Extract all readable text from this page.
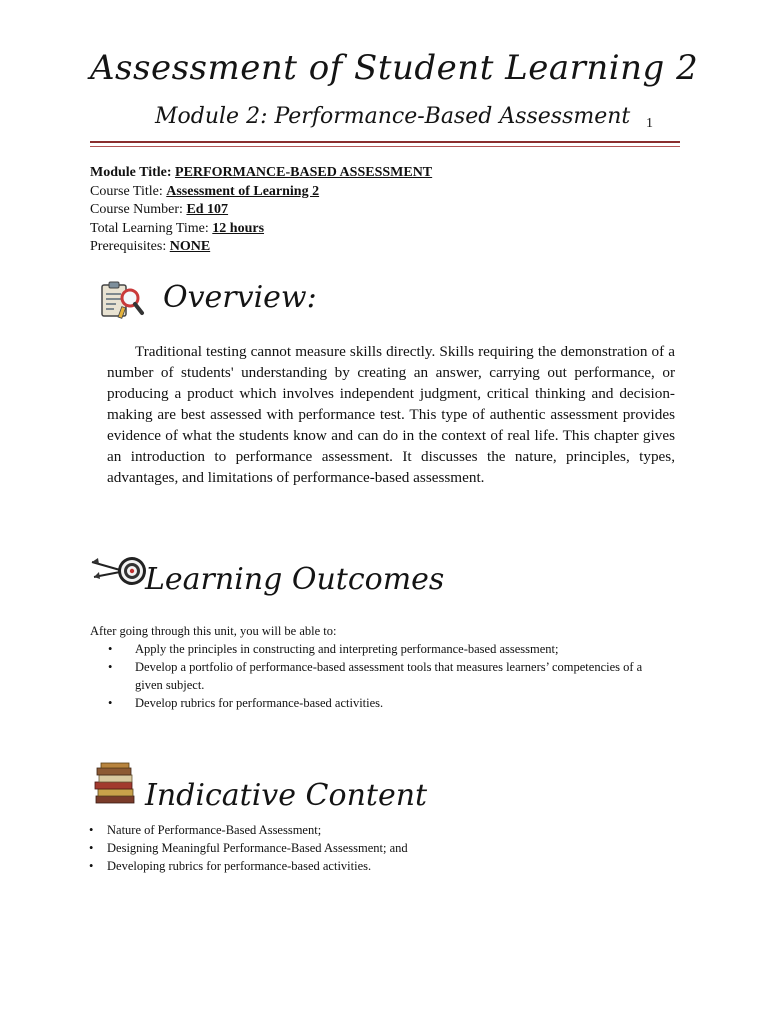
Assessment of Student Learning 2
Module 2: Performance-Based Assessment 1
Module Title: PERFORMANCE-BASED ASSESSMENT
Course Title: Assessment of Learning 2
Course Number: Ed 107
Total Learning Time: 12 hours
Prerequisites: NONE
Overview:

Traditional testing cannot measure skills directly. Skills requiring the demonstration of a number of students' understanding by creating an answer, carrying out performance, or producing a product which involves independent judgment, critical thinking and decision-making are best assessed with performance test. This type of authentic assessment provides evidence of what the students know and can do in the context of real life. This chapter gives an introduction to performance assessment. It discusses the nature, principles, types, advantages, and limitations of performance-based assessment.

Learning Outcomes
After going through this unit, you will be able to:
• Apply the principles in constructing and interpreting performance-based assessment;
• Develop a portfolio of performance-based assessment tools that measures learners’ competencies of a given subject.
• Develop rubrics for performance-based activities.
Indicative Content
• Nature of Performance-Based Assessment;
• Designing Meaningful Performance-Based Assessment; and
• Developing rubrics for performance-based activities.
